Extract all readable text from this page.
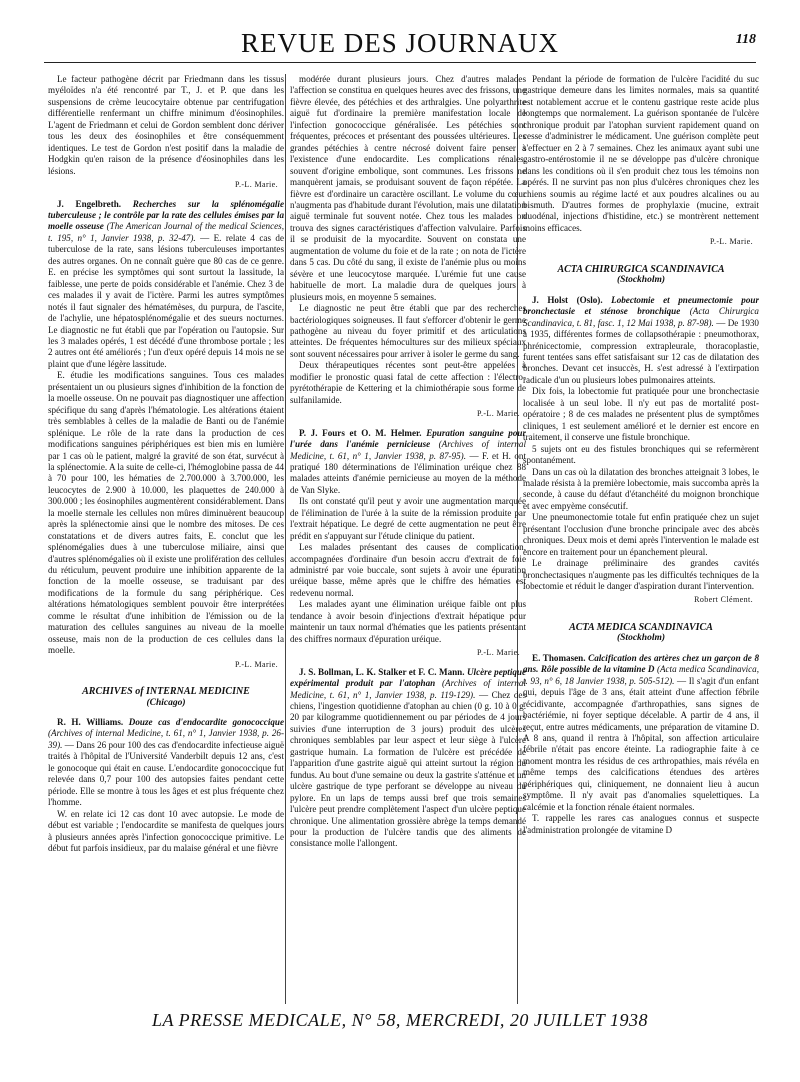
REVUE DES JOURNAUX	118

Le facteur pathogène décrit par Friedmann dans les tissus myéloïdes n'a été rencontré par T., J. et P. que dans les suspensions de crème leucocytaire obtenue par centrifugation différentielle renfermant un chiffre minimum d'éosinophiles. L'agent de Friedmann et celui de Gordon semblent donc dériver tous les deux des éosinophiles et être conséquemment identiques. Le test de Gordon n'est positif dans la maladie de Hodgkin qu'en raison de la présence d'éosinophiles dans les lésions.

P.-L. Marie.

J. Engelbreth. Recherches sur la splénomégalie tuberculeuse ; le contrôle par la rate des cellules émises par la moelle osseuse (The American Journal of the medical Sciences, t. 195, n° 1, Janvier 1938, p. 32-47). — E. relate 4 cas de tuberculose de la rate, sans lésions tuberculeuses importantes des autres organes. On ne connaît guère que 80 cas de ce genre. E. en précise les symptômes qui sont surtout la lassitude, la faiblesse, une perte de poids considérable et l'anémie. Chez 3 de ces malades il y avait de l'ictère. Parmi les autres symptômes notés il faut signaler des hématémèses, du purpura, de l'ascite, de l'achylie, une hépatosplénomégalie et des sueurs nocturnes. Le diagnostic ne fut établi que par l'opération ou l'autopsie. Sur les 3 malades opérés, 1 est décédé d'une thrombose portale ; les 2 autres ont été améliorés ; l'un d'eux opéré depuis 14 mois ne se plaint que d'une légère lassitude.

E. étudie les modifications sanguines. Tous ces malades présentaient un ou plusieurs signes d'inhibition de la fonction de la moelle osseuse. On ne pouvait pas diagnostiquer une affection spécifique du sang d'après l'hématologie. Les altérations étaient très semblables à celles de la maladie de Banti ou de l'anémie splénique. Le rôle de la rate dans la production de ces modifications sanguines périphériques est bien mis en lumière par 1 cas où le patient, malgré la gravité de son état, survécut à la splénectomie. A la suite de celle-ci, l'hémoglobine passa de 44 à 70 pour 100, les hématies de 2.700.000 à 3.700.000, les leucocytes de 2.900 à 10.000, les plaquettes de 240.000 à 300.000 ; les éosinophiles augmentèrent considérablement. Dans la moelle sternale les cellules non mûres diminuèrent beaucoup après la splénectomie ainsi que le nombre des mitoses. De ces constatations et de divers autres faits, E. conclut que les splénomégalies dues à une tuberculose miliaire, ainsi que d'autres splénomégalies où il existe une prolifération des cellules du réticulum, peuvent produire une inhibition apparente de la fonction de la moelle osseuse, se traduisant par des modifications de la formule du sang périphérique. Ces altérations hématologiques semblent pouvoir être interprétées comme le résultat d'une inhibition de l'émission ou de la maturation des cellules sanguines au niveau de la moelle osseuse, mais non de la production de ces cellules dans la moelle.

P.-L. Marie.

ARCHIVES of INTERNAL MEDICINE

(Chicago)

R. H. Williams. Douze cas d'endocardite gonococcique (Archives of internal Medicine, t. 61, n° 1, Janvier 1938, p. 26-39). — Dans 26 pour 100 des cas d'endocardite infectieuse aiguë traités à l'hôpital de l'Université Vanderbilt depuis 12 ans, c'est le gonocoque qui était en cause. L'endocardite gonococcique fut relevée dans 0,7 pour 100 des autopsies faites pendant cette période. Elle se montre à tous les âges et est plus fréquente chez l'homme.

W. en relate ici 12 cas dont 10 avec autopsie. Le mode de début est variable ; l'endocardite se manifesta de quelques jours à plusieurs années après l'infection gonococcique primitive. Le début fut parfois insidieux, par du malaise général et une fièvre

modérée durant plusieurs jours. Chez d'autres malades l'affection se constitua en quelques heures avec des frissons, une fièvre élevée, des pétéchies et des arthralgies. Une polyarthrite aiguë fut d'ordinaire la première manifestation locale de l'infection gonococcique généralisée. Les pétéchies sont fréquentes, précoces et présentant des poussées ultérieures. Les grandes pétéchies à centre nécrosé doivent faire penser à l'existence d'une endocardite. Les complications rénales, souvent d'origine embolique, sont communes. Les frissons ne manquèrent jamais, se produisant souvent de façon répétée. La fièvre est d'ordinaire un caractère oscillant. Le volume du cœur n'augmenta pas d'habitude durant l'évolution, mais une dilatation aiguë terminale fut souvent notée. Chez tous les malades on trouva des signes caractéristiques d'affection valvulaire. Parfois il se produisit de la myocardite. Souvent on constata une augmentation de volume du foie et de la rate ; on nota de l'ictère dans 5 cas. Du côté du sang, il existe de l'anémie plus ou moins sévère et une leucocytose marquée. L'urémie fut une cause habituelle de mort. La maladie dura de quelques jours à plusieurs mois, en moyenne 5 semaines.

Le diagnostic ne peut être établi que par des recherches bactériologiques soigneuses. Il faut s'efforcer d'obtenir le germe pathogène au niveau du foyer primitif et des articulations atteintes. De fréquentes hémocultures sur des milieux spéciaux sont souvent nécessaires pour arriver à isoler le germe du sang.

Deux thérapeutiques récentes sont peut-être appelées à modifier le pronostic quasi fatal de cette affection : l'électro-pyrétothérapie de Kettering et la chimiothérapie sous forme de sulfanilamide.

P.-L. Marie.

P. J. Fours et O. M. Helmer. Epuration sanguine pour l'urée dans l'anémie pernicieuse (Archives of internal Medicine, t. 61, n° 1, Janvier 1938, p. 87-95). — F. et H. ont pratiqué 180 déterminations de l'élimination uréique chez 88 malades atteints d'anémie pernicieuse au moyen de la méthode de Van Slyke.

Ils ont constaté qu'il peut y avoir une augmentation marquée de l'élimination de l'urée à la suite de la rémission produite par l'extrait hépatique. Le degré de cette augmentation ne peut être prédit en s'appuyant sur l'étude clinique du patient.

Les malades présentant des causes de complication, accompagnées d'ordinaire d'un besoin accru d'extrait de foie administré par voie buccale, sont sujets à avoir une épuration uréique basse, même après que le chiffre des hématies est redevenu normal.

Les malades ayant une élimination uréique faible ont plus tendance à avoir besoin d'injections d'extrait hépatique pour maintenir un taux normal d'hématies que les patients présentant des chiffres normaux d'épuration uréique.

P.-L. Marie.

J. S. Bollman, L. K. Stalker et F. C. Mann. Ulcère peptique expérimental produit par l'atophan (Archives of internal Medicine, t. 61, n° 1, Janvier 1938, p. 119-129). — Chez des chiens, l'ingestion quotidienne d'atophan au chien (0 g. 10 à 0 g. 20 par kilogramme quotidiennement ou par périodes de 4 jours suivies d'une interruption de 3 jours) produit des ulcères chroniques semblables par leur aspect et leur siège à l'ulcère gastrique humain. La formation de l'ulcère est précédée de l'apparition d'une gastrite aiguë qui atteint surtout la région du fundus. Au bout d'une semaine ou deux la gastrite s'atténue et un ulcère gastrique de type perforant se développe au niveau du pylore. En un laps de temps aussi bref que trois semaines l'ulcère peut prendre complètement l'aspect d'un ulcère peptique chronique. Une alimentation grossière abrège la temps demandé pour la production de l'ulcère tandis que des aliments de consistance molle l'allongent.

Pendant la période de formation de l'ulcère l'acidité du suc gastrique demeure dans les limites normales, mais sa quantité est notablement accrue et le contenu gastrique reste acide plus longtemps que normalement. La guérison spontanée de l'ulcère chronique produit par l'atophan survient rapidement quand on cesse d'administrer le médicament. Une guérison complète peut s'effectuer en 2 à 7 semaines. Chez les animaux ayant subi une gastro-entérostomie il ne se développe pas d'ulcère chronique dans les conditions où il s'en produit chez tous les témoins non opérés. Il ne survint pas non plus d'ulcères chroniques chez les chiens soumis au régime lacté et aux poudres alcalines ou au bismuth. D'autres formes de prophylaxie (mucine, extrait duodénal, injections d'histidine, etc.) se montrèrent nettement moins efficaces.

P.-L. Marie.

ACTA CHIRURGICA SCANDINAVICA

(Stockholm)

J. Holst (Oslo). Lobectomie et pneumectomie pour bronchectasie et sténose bronchique (Acta Chirurgica Scandinavica, t. 81, fasc. 1, 12 Mai 1938, p. 87-98). — De 1930 à 1935, différentes formes de collapsothérapie : pneumothorax, phrénicectomie, compression extrapleurale, thoracoplastie, furent tentées sans effet satisfaisant sur 12 cas de dilatation des bronches. Devant cet insuccès, H. s'est adressé à l'extirpation radicale d'un ou plusieurs lobes pulmonaires atteints.

Dix fois, la lobectomie fut pratiquée pour une bronchectasie localisée à un seul lobe. Il n'y eut pas de mortalité post-opératoire ; 8 de ces malades ne présentent plus de symptômes cliniques, 1 est seulement amélioré et le dernier est encore en traitement, il conserve une fistule bronchique.

5 sujets ont eu des fistules bronchiques qui se refermèrent spontanément.

Dans un cas où la dilatation des bronches atteignait 3 lobes, le malade résista à la première lobectomie, mais succomba après la seconde, à cause du défaut d'étanchéité du moignon bronchique et avec empyème consécutif.

Une pneumonectomie totale fut enfin pratiquée chez un sujet présentant l'occlusion d'une bronche principale avec des abcès chroniques. Deux mois et demi après l'intervention le malade est encore en traitement pour un épanchement pleural.

Le drainage préliminaire des grandes cavités bronchectasiques n'augmente pas les difficultés techniques de la lobectomie et réduit le danger d'aspiration durant l'intervention.

Robert Clément.

ACTA MEDICA SCANDINAVICA

(Stockholm)

E. Thomasen. Calcification des artères chez un garçon de 8 ans. Rôle possible de la vitamine D (Acta medica Scandinavica, t. 93, n° 6, 18 Janvier 1938, p. 505-512). — Il s'agit d'un enfant qui, depuis l'âge de 3 ans, était atteint d'une affection fébrile récidivante, accompagnée d'arthropathies, sans signes de bactériémie, ni foyer septique décelable. A partir de 4 ans, il reçut, entre autres médicaments, une préparation de vitamine D. A 8 ans, quand il rentra à l'hôpital, son affection articulaire fébrile n'était pas encore éteinte. La radiographie faite à ce moment montra les résidus de ces arthropathies, mais révéla en même temps des calcifications étendues des artères périphériques qui, cliniquement, ne donnaient lieu à aucun symptôme. Il n'y avait pas d'anomalies squelettiques. La calcémie et la fonction rénale étaient normales.

T. rappelle les rares cas analogues connus et suspecte l'administration prolongée de vitamine D

LA PRESSE MEDICALE, N° 58, MERCREDI, 20 JUILLET 1938
